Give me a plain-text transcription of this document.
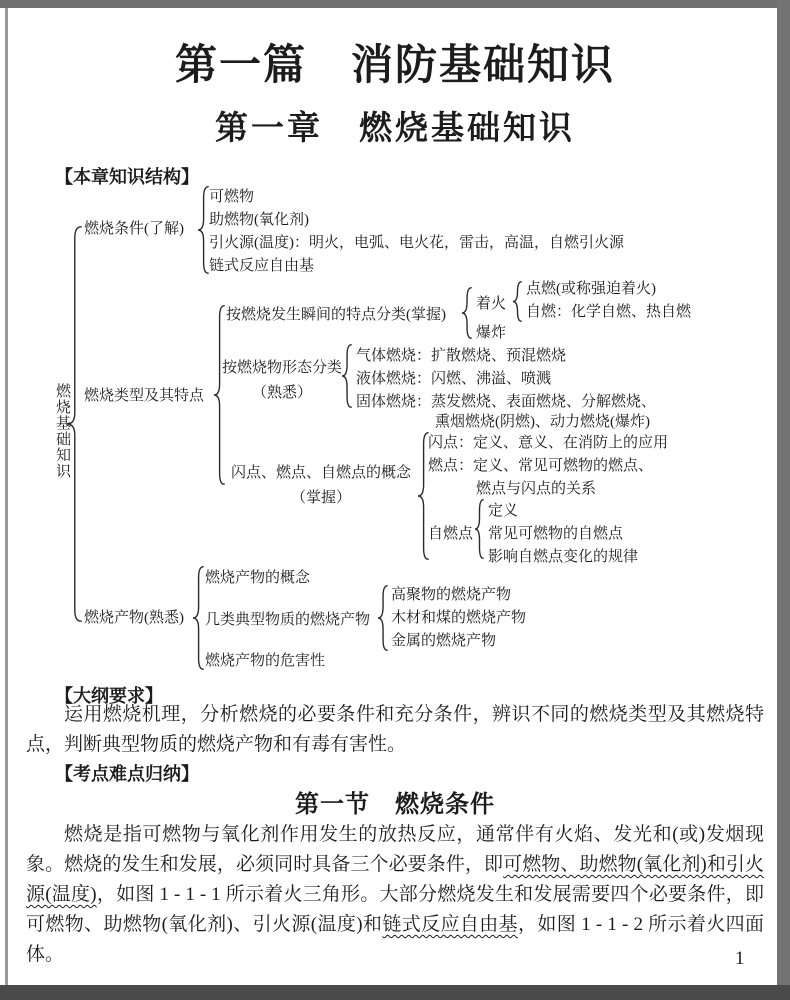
第一篇　消防基础知识
第一章　燃烧基础知识
【本章知识结构】
燃烧基础知识
燃烧条件(了解)
可燃物
助燃物(氧化剂)
引火源(温度)：明火，电弧、电火花，雷击，高温，自燃引火源
链式反应自由基
燃烧类型及其特点
按燃烧发生瞬间的特点分类(掌握)
着火
点燃(或称强迫着火)
自燃：化学自燃、热自燃
爆炸
按燃烧物形态分类
（熟悉）
气体燃烧：扩散燃烧、预混燃烧
液体燃烧：闪燃、沸溢、喷溅
固体燃烧：蒸发燃烧、表面燃烧、分解燃烧、
熏烟燃烧(阴燃)、动力燃烧(爆炸)
闪点、燃点、自燃点的概念
（掌握）
闪点：定义、意义、在消防上的应用
燃点：定义、常见可燃物的燃点、
燃点与闪点的关系
自燃点
定义
常见可燃物的自燃点
影响自燃点变化的规律
燃烧产物(熟悉)
燃烧产物的概念
几类典型物质的燃烧产物
高聚物的燃烧产物
木材和煤的燃烧产物
金属的燃烧产物
燃烧产物的危害性
【大纲要求】
运用燃烧机理，分析燃烧的必要条件和充分条件，辨识不同的燃烧类型及其燃烧特点，判断典型物质的燃烧产物和有毒有害性。
【考点难点归纳】
第一节　燃烧条件
燃烧是指可燃物与氧化剂作用发生的放热反应，通常伴有火焰、发光和(或)发烟现象。燃烧的发生和发展，必须同时具备三个必要条件，即可燃物、助燃物(氧化剂)和引火源(温度)，如图 1 - 1 - 1 所示着火三角形。大部分燃烧发生和发展需要四个必要条件，即可燃物、助燃物(氧化剂)、引火源(温度)和链式反应自由基，如图 1 - 1 - 2 所示着火四面体。	1
